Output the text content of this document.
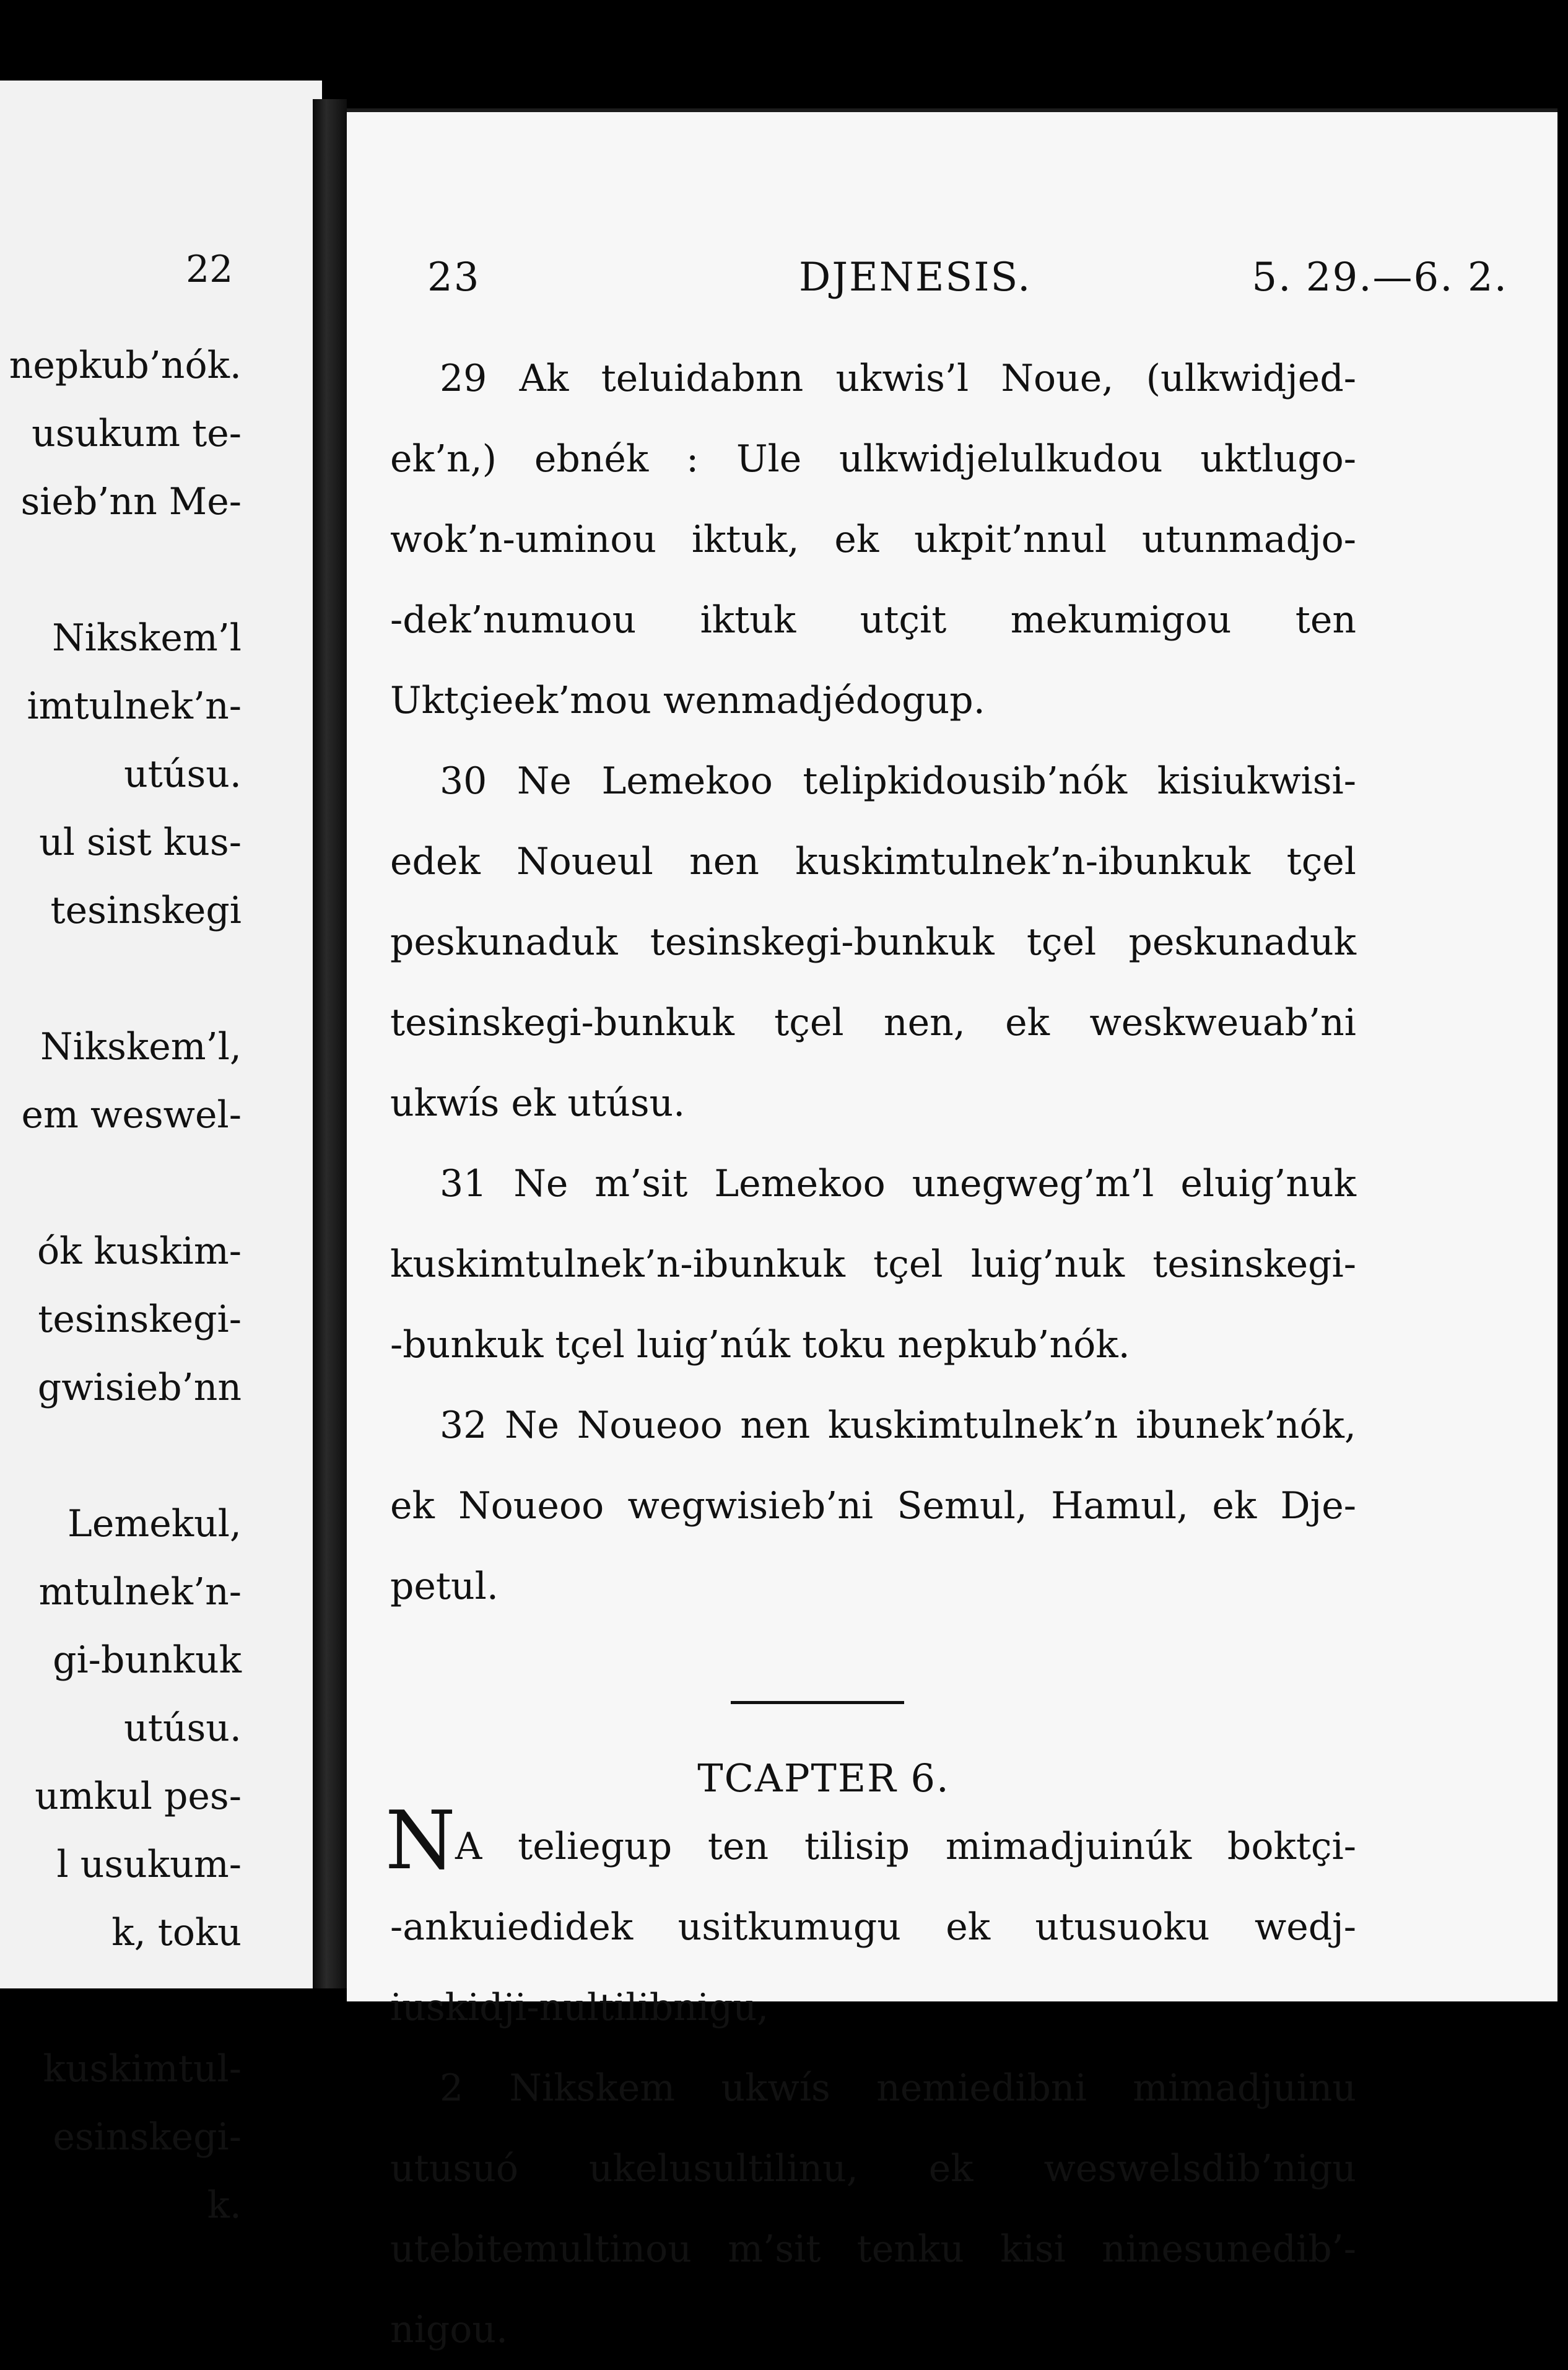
22
nepkub’nók.
usukum te-
sieb’nn Me-
Nikskem’l
imtulnek’n-
utúsu.
ul sist kus-
tesinskegi
Nikskem’l,
em weswel-
ók kuskim-
tesinskegi-
gwisieb’nn
Lemekul,
mtulnek’n-
gi-bunkuk
utúsu.
umkul pes-
l usukum-
k, toku
kuskimtul-
esinskegi-
k.
23	DJENESIS.	5. 29.—6. 2.
29 Ak teluidabnn ukwis’l Noue, (ulkwidjed-
ek’n,) ebnék : Ule ulkwidjelulkudou uktlugo-
wok’n-uminou iktuk, ek ukpit’nnul utunmadjo-
-dek’numuou iktuk utçit mekumigou ten
Uktçieek’mou wenmadjédogup.
30 Ne Lemekoo telipkidousib’nók kisiukwisi-
edek Noueul nen kuskimtulnek’n-ibunkuk tçel
peskunaduk tesinskegi-bunkuk tçel peskunaduk
tesinskegi-bunkuk tçel nen, ek weskweuab’ni
ukwís ek utúsu.
31 Ne m’sit Lemekoo unegweg’m’l eluig’nuk
kuskimtulnek’n-ibunkuk tçel luig’nuk tesinskegi-
-bunkuk tçel luig’núk toku nepkub’nók.
32 Ne Noueoo nen kuskimtulnek’n ibunek’nók,
ek Noueoo wegwisieb’ni Semul, Hamul, ek Dje-
petul.
TCAPTER 6.
N A teliegup ten tilisip mimadjuinúk boktçi-
-ankuiedidek usitkumugu ek utusuoku wedj-
iuskidji-nultilibnigu,
2 Nikskem ukwís nemiedibni mimadjuinu
utusuó ukelusultilinu, ek weswelsdib’nigu
utebitemultinou m’sit tenku kisi ninesunedib’-
nigou.
